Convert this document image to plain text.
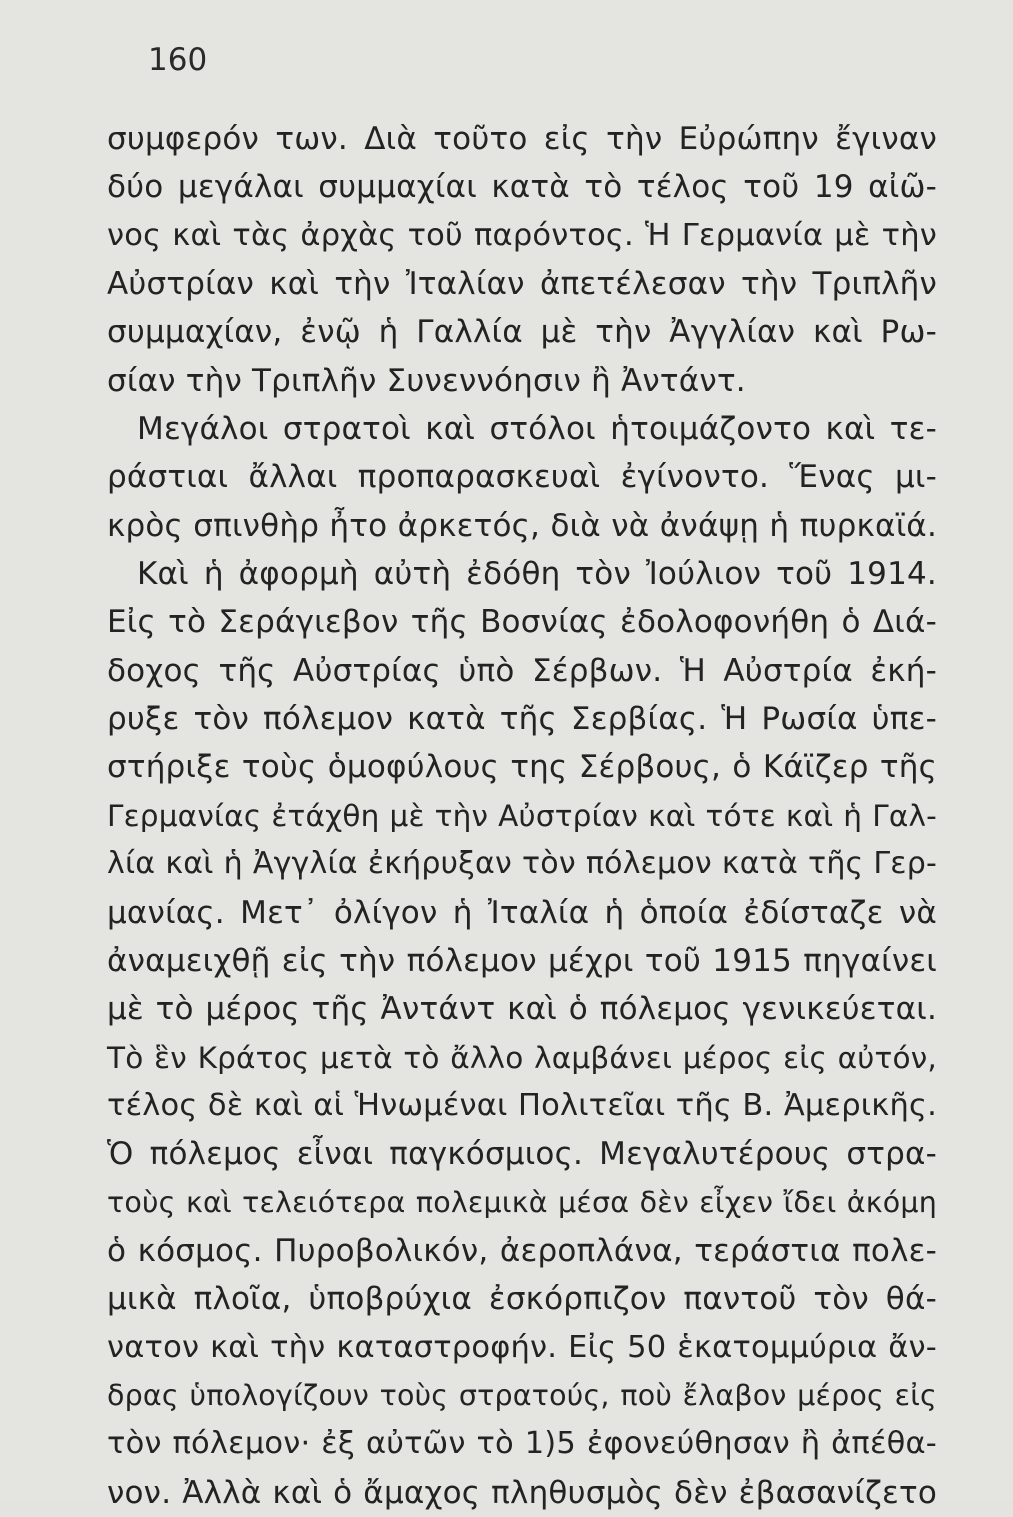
160
συμφερόν των. Διὰ τοῦτο εἰς τὴν Εὐρώπην ἔγιναν
δύο μεγάλαι συμμαχίαι κατὰ τὸ τέλος τοῦ 19 αἰῶ-
νος καὶ τὰς ἀρχὰς τοῦ παρόντος. Ἡ Γερμανία μὲ τὴν
Αὐστρίαν καὶ τὴν Ἰταλίαν ἀπετέλεσαν τὴν Τριπλῆν
συμμαχίαν, ἐνῷ ἡ Γαλλία μὲ τὴν Ἀγγλίαν καὶ Ρω-
σίαν τὴν Τριπλῆν Συνεννόησιν ἢ Ἀντάντ.
Μεγάλοι στρατοὶ καὶ στόλοι ἡτοιμάζοντο καὶ τε-
ράστιαι ἄλλαι προπαρασκευαὶ ἐγίνοντο. Ἕνας μι-
κρὸς σπινθὴρ ἦτο ἀρκετός, διὰ νὰ ἀνάψῃ ἡ πυρκαϊά.
Καὶ ἡ ἀφορμὴ αὐτὴ ἐδόθη τὸν Ἰούλιον τοῦ 1914.
Εἰς τὸ Σεράγιεβον τῆς Βοσνίας ἐδολοφονήθη ὁ Διά-
δοχος τῆς Αὐστρίας ὑπὸ Σέρβων. Ἡ Αὐστρία ἐκή-
ρυξε τὸν πόλεμον κατὰ τῆς Σερβίας. Ἡ Ρωσία ὑπε-
στήριξε τοὺς ὁμοφύλους της Σέρβους, ὁ Κάϊζερ τῆς
Γερμανίας ἐτάχθη μὲ τὴν Αὐστρίαν καὶ τότε καὶ ἡ Γαλ-
λία καὶ ἡ Ἀγγλία ἐκήρυξαν τὸν πόλεμον κατὰ τῆς Γερ-
μανίας. Μετ᾽ ὀλίγον ἡ Ἰταλία ἡ ὁποία ἐδίσταζε νὰ
ἀναμειχθῇ εἰς τὴν πόλεμον μέχρι τοῦ 1915 πηγαίνει
μὲ τὸ μέρος τῆς Ἀντάντ καὶ ὁ πόλεμος γενικεύεται.
Τὸ ἓν Κράτος μετὰ τὸ ἄλλο λαμβάνει μέρος εἰς αὐτόν,
τέλος δὲ καὶ αἱ Ἡνωμέναι Πολιτεῖαι τῆς Β. Ἀμερικῆς.
Ὁ πόλεμος εἶναι παγκόσμιος. Μεγαλυτέρους στρα-
τοὺς καὶ τελειότερα πολεμικὰ μέσα δὲν εἶχεν ἴδει ἀκόμη
ὁ κόσμος. Πυροβολικόν, ἀεροπλάνα, τεράστια πολε-
μικὰ πλοῖα, ὑποβρύχια ἐσκόρπιζον παντοῦ τὸν θά-
νατον καὶ τὴν καταστροφήν. Εἰς 50 ἑκατομμύρια ἄν-
δρας ὑπολογίζουν τοὺς στρατούς, ποὺ ἔλαβον μέρος εἰς
τὸν πόλεμον· ἐξ αὐτῶν τὸ 1)5 ἐφονεύθησαν ἢ ἀπέθα-
νον. Ἀλλὰ καὶ ὁ ἄμαχος πληθυσμὸς δὲν ἐβασανίζετο
